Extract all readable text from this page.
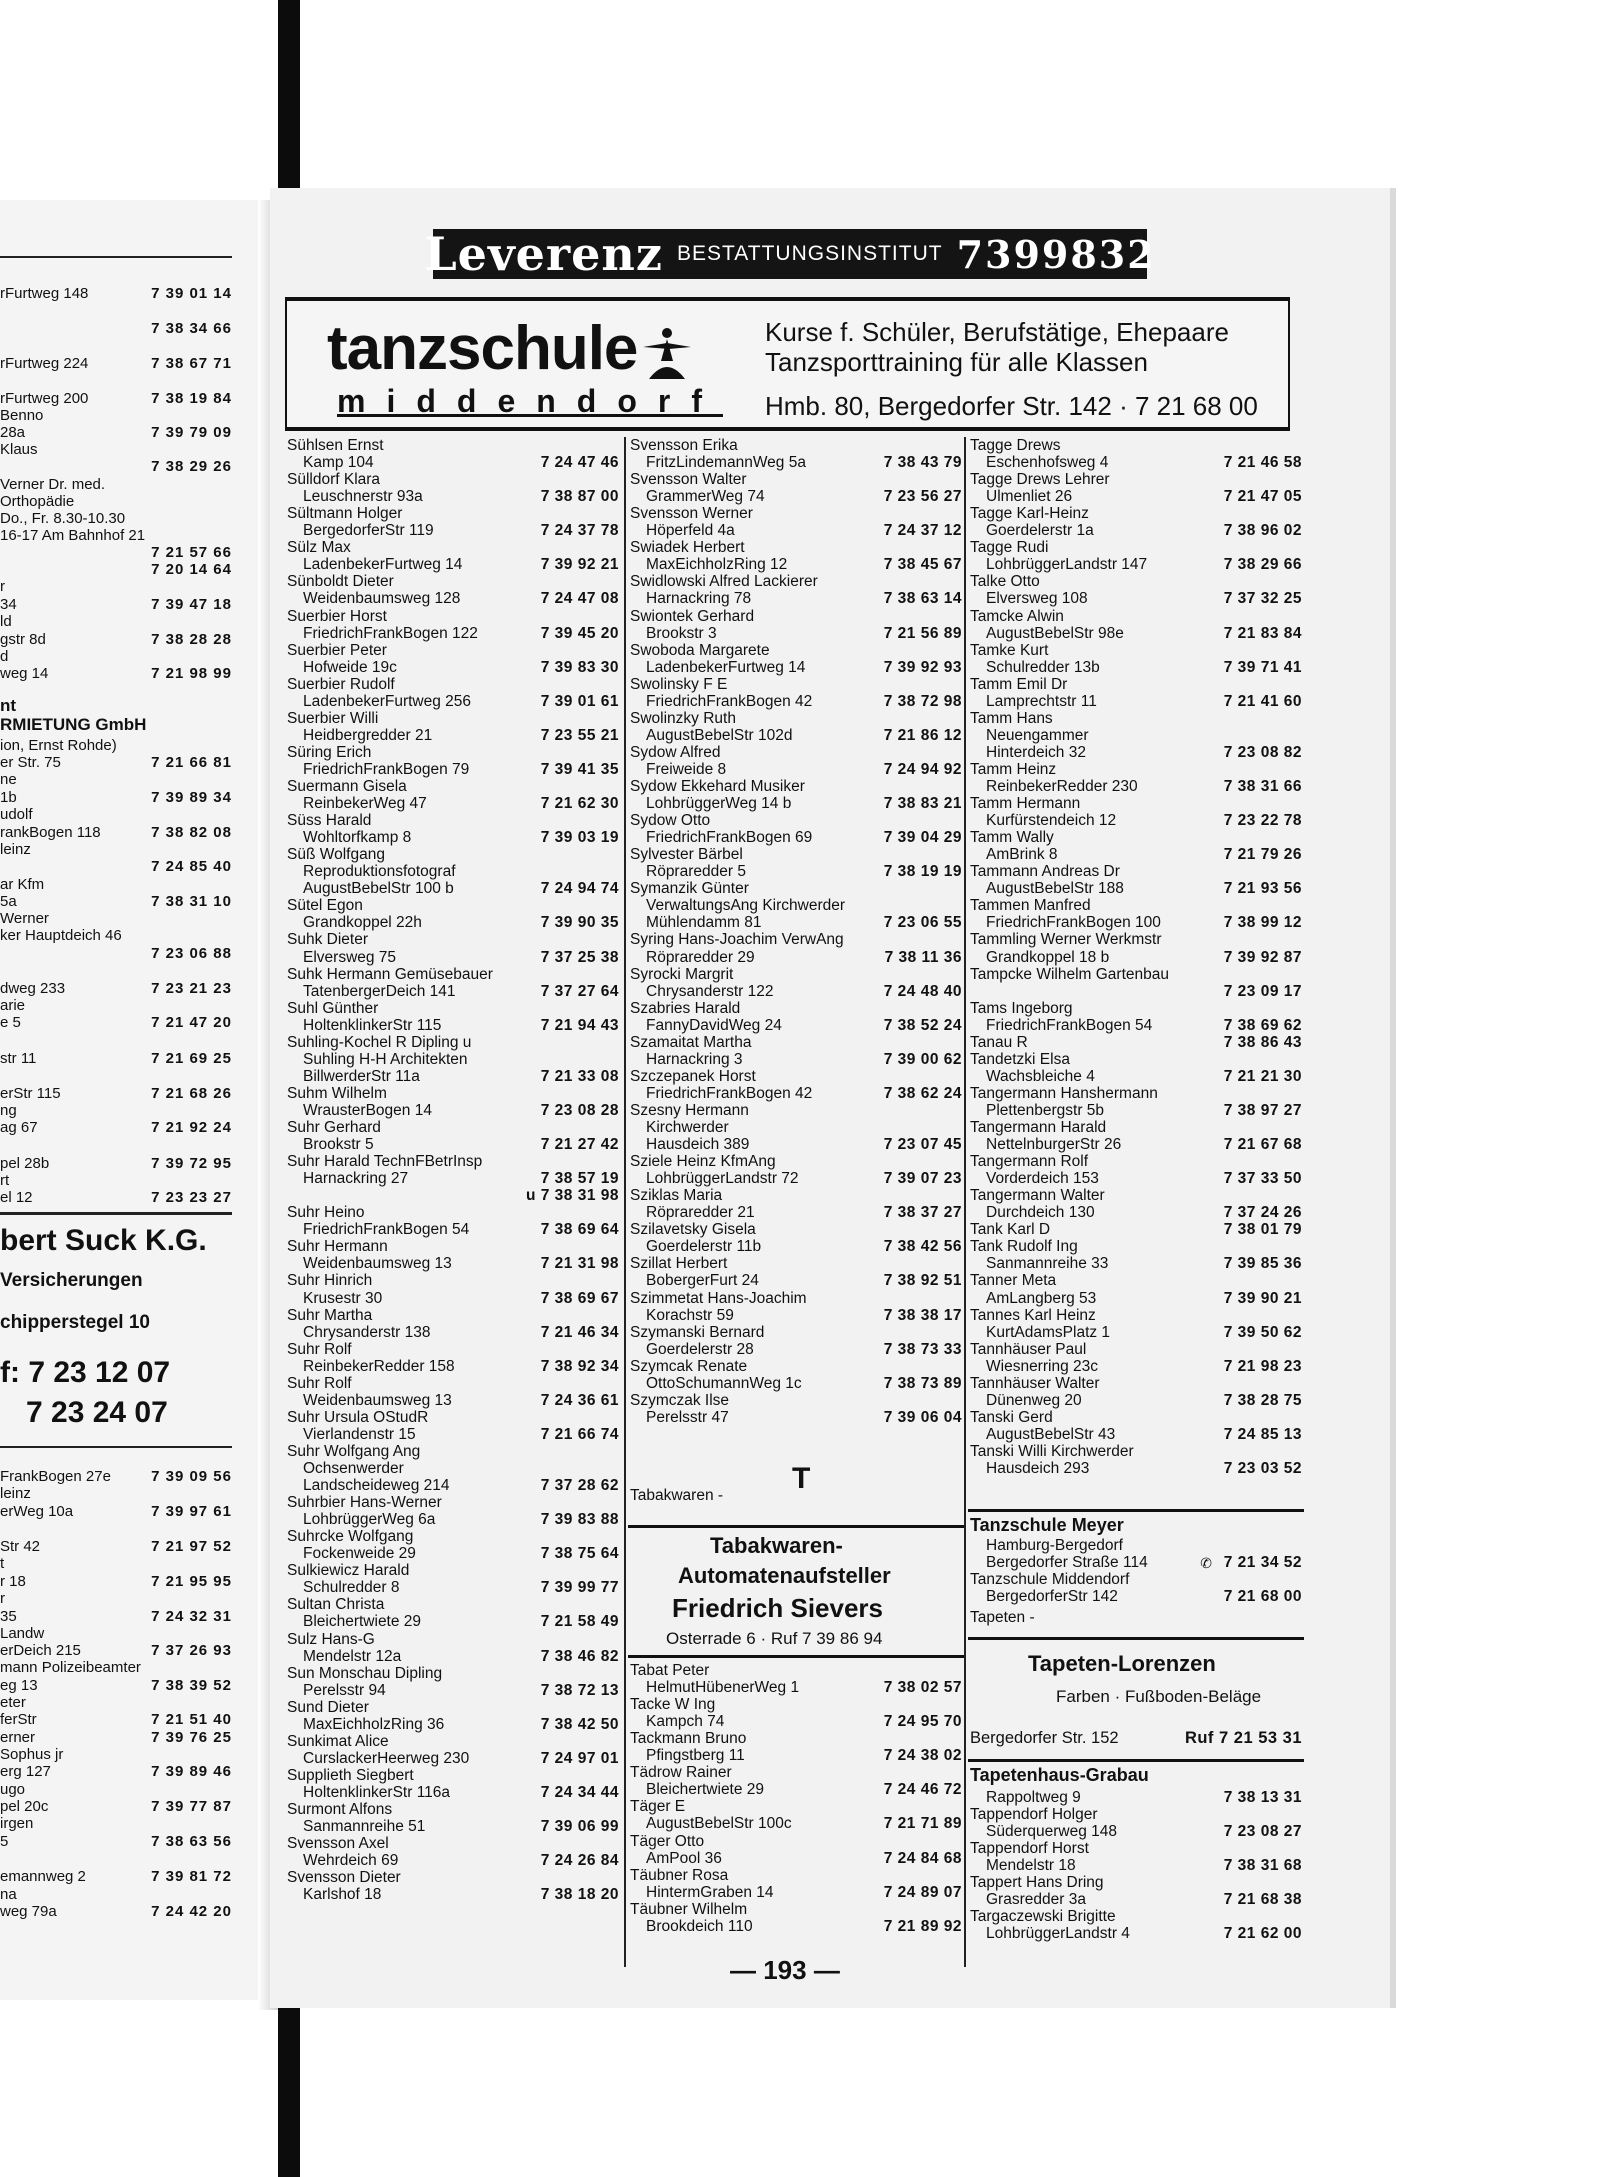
rFurtweg 148	7 39 01 14
7 38 34 66
rFurtweg 224	7 38 67 71
rFurtweg 200	7 38 19 84
Benno
28a	7 39 79 09
Klaus
7 38 29 26
Verner Dr. med.
Orthopädie
Do., Fr. 8.30-10.30
16-17 Am Bahnhof 21
7 21 57 66
7 20 14 64
r
34	7 39 47 18
ld
gstr 8d	7 38 28 28
d
weg 14	7 21 98 99
ion, Ernst Rohde)
er Str. 75	7 21 66 81
ne
1b	7 39 89 34
udolf
rankBogen 118	7 38 82 08
leinz
7 24 85 40
ar Kfm
5a	7 38 31 10
Werner
ker Hauptdeich 46
7 23 06 88
dweg 233	7 23 21 23
arie
e 5	7 21 47 20
str 11	7 21 69 25
erStr 115	7 21 68 26
ng
ag 67	7 21 92 24
pel 28b	7 39 72 95
rt
el 12	7 23 23 27
FrankBogen 27e	7 39 09 56
leinz
erWeg 10a	7 39 97 61
Str 42	7 21 97 52
t
r 18	7 21 95 95
r
35	7 24 32 31
Landw
erDeich 215	7 37 26 93
mann Polizeibeamter
eg 13	7 38 39 52
eter
ferStr	7 21 51 40
erner	7 39 76 25
Sophus jr
erg 127	7 39 89 46
ugo
pel 20c	7 39 77 87
irgen
5	7 38 63 56
emannweg 2	7 39 81 72
na
weg 79a	7 24 42 20
nt
RMIETUNG GmbH
bert Suck K.G.
Versicherungen
chipperstegel 10
f: 7 23 12 07
7 23 24 07
Leverenz BESTATTUNGSINSTITUT 7399832
tanzschule
middendorf
Kurse f. Schüler, Berufstätige, Ehepaare
Tanzsporttraining für alle Klassen
Hmb. 80, Bergedorfer Str. 142 · 7 21 68 00
Sühlsen Ernst
Kamp 104	7 24 47 46
Sülldorf Klara
Leuschnerstr 93a	7 38 87 00
Sültmann Holger
BergedorferStr 119	7 24 37 78
Sülz Max
LadenbekerFurtweg 14	7 39 92 21
Sünboldt Dieter
Weidenbaumsweg 128	7 24 47 08
Suerbier Horst
FriedrichFrankBogen 122	7 39 45 20
Suerbier Peter
Hofweide 19c	7 39 83 30
Suerbier Rudolf
LadenbekerFurtweg 256	7 39 01 61
Suerbier Willi
Heidbergredder 21	7 23 55 21
Süring Erich
FriedrichFrankBogen 79	7 39 41 35
Suermann Gisela
ReinbekerWeg 47	7 21 62 30
Süss Harald
Wohltorfkamp 8	7 39 03 19
Süß Wolfgang
Reproduktionsfotograf
AugustBebelStr 100 b	7 24 94 74
Sütel Egon
Grandkoppel 22h	7 39 90 35
Suhk Dieter
Elversweg 75	7 37 25 38
Suhk Hermann Gemüsebauer
TatenbergerDeich 141	7 37 27 64
Suhl Günther
HoltenklinkerStr 115	7 21 94 43
Suhling-Kochel R Dipling u
Suhling H-H Architekten
BillwerderStr 11a	7 21 33 08
Suhm Wilhelm
WrausterBogen 14	7 23 08 28
Suhr Gerhard
Brookstr 5	7 21 27 42
Suhr Harald TechnFBetrInsp
Harnackring 27	7 38 57 19
u 7 38 31 98
Suhr Heino
FriedrichFrankBogen 54	7 38 69 64
Suhr Hermann
Weidenbaumsweg 13	7 21 31 98
Suhr Hinrich
Krusestr 30	7 38 69 67
Suhr Martha
Chrysanderstr 138	7 21 46 34
Suhr Rolf
ReinbekerRedder 158	7 38 92 34
Suhr Rolf
Weidenbaumsweg 13	7 24 36 61
Suhr Ursula OStudR
Vierlandenstr 15	7 21 66 74
Suhr Wolfgang Ang
Ochsenwerder
Landscheideweg 214	7 37 28 62
Suhrbier Hans-Werner
LohbrüggerWeg 6a	7 39 83 88
Suhrcke Wolfgang
Fockenweide 29	7 38 75 64
Sulkiewicz Harald
Schulredder 8	7 39 99 77
Sultan Christa
Bleichertwiete 29	7 21 58 49
Sulz Hans-G
Mendelstr 12a	7 38 46 82
Sun Monschau Dipling
Perelsstr 94	7 38 72 13
Sund Dieter
MaxEichholzRing 36	7 38 42 50
Sunkimat Alice
CurslackerHeerweg 230	7 24 97 01
Supplieth Siegbert
HoltenklinkerStr 116a	7 24 34 44
Surmont Alfons
Sanmannreihe 51	7 39 06 99
Svensson Axel
Wehrdeich 69	7 24 26 84
Svensson Dieter
Karlshof 18	7 38 18 20
Svensson Erika
FritzLindemannWeg 5a	7 38 43 79
Svensson Walter
GrammerWeg 74	7 23 56 27
Svensson Werner
Höperfeld 4a	7 24 37 12
Swiadek Herbert
MaxEichholzRing 12	7 38 45 67
Swidlowski Alfred Lackierer
Harnackring 78	7 38 63 14
Swiontek Gerhard
Brookstr 3	7 21 56 89
Swoboda Margarete
LadenbekerFurtweg 14	7 39 92 93
Swolinsky F E
FriedrichFrankBogen 42	7 38 72 98
Swolinzky Ruth
AugustBebelStr 102d	7 21 86 12
Sydow Alfred
Freiweide 8	7 24 94 92
Sydow Ekkehard Musiker
LohbrüggerWeg 14 b	7 38 83 21
Sydow Otto
FriedrichFrankBogen 69	7 39 04 29
Sylvester Bärbel
Röpraredder 5	7 38 19 19
Symanzik Günter
VerwaltungsAng Kirchwerder
Mühlendamm 81	7 23 06 55
Syring Hans-Joachim VerwAng
Röpraredder 29	7 38 11 36
Syrocki Margrit
Chrysanderstr 122	7 24 48 40
Szabries Harald
FannyDavidWeg 24	7 38 52 24
Szamaitat Martha
Harnackring 3	7 39 00 62
Szczepanek Horst
FriedrichFrankBogen 42	7 38 62 24
Szesny Hermann
Kirchwerder
Hausdeich 389	7 23 07 45
Sziele Heinz KfmAng
LohbrüggerLandstr 72	7 39 07 23
Sziklas Maria
Röpraredder 21	7 38 37 27
Szilavetsky Gisela
Goerdelerstr 11b	7 38 42 56
Szillat Herbert
BobergerFurt 24	7 38 92 51
Szimmetat Hans-Joachim
Korachstr 59	7 38 38 17
Szymanski Bernard
Goerdelerstr 28	7 38 73 33
Szymcak Renate
OttoSchumannWeg 1c	7 38 73 89
Szymczak Ilse
Perelsstr 47	7 39 06 04
Tabakwaren -
Tabakwaren-
Automatenaufsteller
Friedrich Sievers
Osterrade 6 · Ruf 7 39 86 94
Tabat Peter
HelmutHübenerWeg 1	7 38 02 57
Tacke W Ing
Kampch 74	7 24 95 70
Tackmann Bruno
Pfingstberg 11	7 24 38 02
Tädrow Rainer
Bleichertwiete 29	7 24 46 72
Täger E
AugustBebelStr 100c	7 21 71 89
Täger Otto
AmPool 36	7 24 84 68
Täubner Rosa
HintermGraben 14	7 24 89 07
Täubner Wilhelm
Brookdeich 110	7 21 89 92
Tagge Drews
Eschenhofsweg 4	7 21 46 58
Tagge Drews Lehrer
Ulmenliet 26	7 21 47 05
Tagge Karl-Heinz
Goerdelerstr 1a	7 38 96 02
Tagge Rudi
LohbrüggerLandstr 147	7 38 29 66
Talke Otto
Elversweg 108	7 37 32 25
Tamcke Alwin
AugustBebelStr 98e	7 21 83 84
Tamke Kurt
Schulredder 13b	7 39 71 41
Tamm Emil Dr
Lamprechtstr 11	7 21 41 60
Tamm Hans
Neuengammer
Hinterdeich 32	7 23 08 82
Tamm Heinz
ReinbekerRedder 230	7 38 31 66
Tamm Hermann
Kurfürstendeich 12	7 23 22 78
Tamm Wally
AmBrink 8	7 21 79 26
Tammann Andreas Dr
AugustBebelStr 188	7 21 93 56
Tammen Manfred
FriedrichFrankBogen 100	7 38 99 12
Tammling Werner Werkmstr
Grandkoppel 18 b	7 39 92 87
Tampcke Wilhelm Gartenbau
7 23 09 17
Tams Ingeborg
FriedrichFrankBogen 54	7 38 69 62
Tanau R	7 38 86 43
Tandetzki Elsa
Wachsbleiche 4	7 21 21 30
Tangermann Hanshermann
Plettenbergstr 5b	7 38 97 27
Tangermann Harald
NettelnburgerStr 26	7 21 67 68
Tangermann Rolf
Vorderdeich 153	7 37 33 50
Tangermann Walter
Durchdeich 130	7 37 24 26
Tank Karl D	7 38 01 79
Tank Rudolf Ing
Sanmannreihe 33	7 39 85 36
Tanner Meta
AmLangberg 53	7 39 90 21
Tannes Karl Heinz
KurtAdamsPlatz 1	7 39 50 62
Tannhäuser Paul
Wiesnerring 23c	7 21 98 23
Tannhäuser Walter
Dünenweg 20	7 38 28 75
Tanski Gerd
AugustBebelStr 43	7 24 85 13
Tanski Willi Kirchwerder
Hausdeich 293	7 23 03 52
Tanzschule Meyer
Hamburg-Bergedorf
Bergedorfer Straße 114	7 21 34 52
✆
Tanzschule Middendorf
BergedorferStr 142	7 21 68 00
Tapeten -
Tapeten-Lorenzen
Farben · Fußboden-Beläge
Bergedorfer Str. 152	Ruf 7 21 53 31
Tapetenhaus-Grabau
Rappoltweg 9	7 38 13 31
Tappendorf Holger
Süderquerweg 148	7 23 08 27
Tappendorf Horst
Mendelstr 18	7 38 31 68
Tappert Hans Dring
Grasredder 3a	7 21 68 38
Targaczewski Brigitte
LohbrüggerLandstr 4	7 21 62 00
T
— 193 —
